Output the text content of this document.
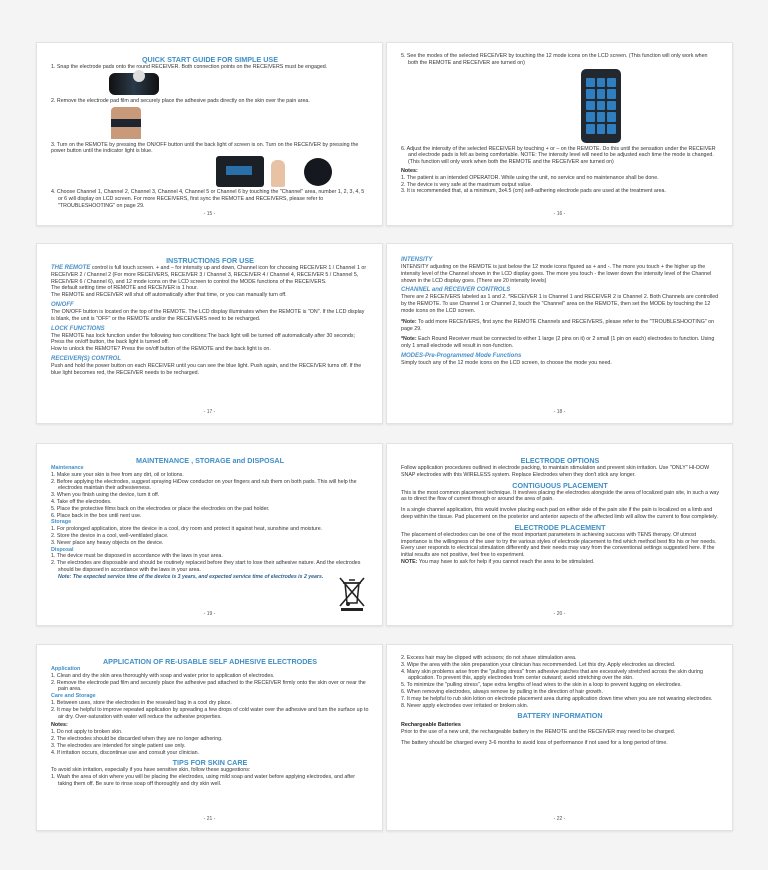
QUICK START GUIDE FOR SIMPLE USE
1. Snap the electrode pads onto the round RECEIVER. Both connection points on the RECEIVERS must be engaged.
2. Remove the electrode pad film and securely place the adhesive pads directly on the skin over the pain area.
3. Turn on the REMOTE by pressing the ON/OFF button until the back light of screen is on. Turn on the RECEIVER by pressing the power button until the indicator light is blue.
4. Choose Channel 1, Channel 2, Channel 3, Channel 4, Channel 5 or Channel 6 by touching the "Channel" area, number 1, 2, 3, 4, 5 or 6 will display on LCD screen. For more RECEIVERS, first sync the REMOTE and RECEIVERS, please refer to "TROUBLESHOOTING" on page 29.
- 15 -
5. See the modes of the selected RECEIVER by touching the 12 mode icons on the LCD screen. (This function will only work when both the REMOTE and RECEIVER are turned on)
6. Adjust the intensity of the selected RECEIVER by touching + or – on the REMOTE. Do this until the sensation under the RECEIVER and electrode pads is felt as being comfortable. NOTE: The intensity level will need to be adjusted each time the mode is changed. (This function will only work when both the REMOTE and the RECEIVER are turned on)
Notes:
1. The patient is an intended OPERATOR. While using the unit, no service and no maintenance shall be done.
2. The device is very safe at the maximum output value.
3. It is recommended that, at a minimum, 3x4.5 (cm) self-adhering electrode pads are used at the treatment area.
- 16 -
INSTRUCTIONS FOR USE
THE REMOTE control is full touch screen. + and – for intensity up and down, Channel icon for choosing RECEIVER 1 / Channel 1 or RECEIVER 2 / Channel 2 (For more RECEIVERS, RECEIVER 3 / Channel 3, RECEIVER 4 / Channel 4, RECEIVER 5 / Channel 5, RECEIVER 6 / Channel 6), and 12 mode icons on the LCD screen to control the MODE functions of the RECEIVERS.
The default setting time of REMOTE and RECEIVER is 1 hour.
The REMOTE and RECEIVER will shut off automatically after that time, or you can manually turn off.
ON/OFF
The ON/OFF button is located on the top of the REMOTE. The LCD display illuminates when the REMOTE is "ON". If the LCD display is blank, the unit is "OFF" or the REMOTE and/or the RECEIVERS need to be recharged.
LOCK FUNCTIONS
The REMOTE has lock function under the following two conditions:The back light will be turned off automatically after 30 seconds; Press the on/off button, the back light is turned off.
How to unlock the REMOTE? Press the on/off button of the REMOTE and the back light is on.
RECEIVER(S) CONTROL
Push and hold the power button on each RECEIVER until you can see the blue light. Push again, and the RECEIVER turns off. If the blue light becomes red, the RECEIVER needs to be recharged.
- 17 -
INTENSITY
INTENSITY adjusting on the REMOTE is just below the 12 mode icons figured as + and -. The more you touch + the higher up the intensity level of the Channel shown in the LCD display goes. The more you touch - the lower down the intensity level of the Channel shown in the LCD display goes. (There are 20 intensity levels)
CHANNEL and RECEIVER CONTROLS
There are 2 RECEIVERS labeled as 1 and 2. *RECEIVER 1 is Channel 1 and RECEIVER 2 is Channel 2. Both Channels are controlled by the REMOTE. To use Channel 1 or Channel 2, touch the "Channel" area on the REMOTE, then set the MODE by touching the 12 mode icons on the LCD screen.
*Note: To add more RECEIVERS, first sync the REMOTE Channels and RECEIVERS, please refer to the "TROUBLESHOOTING" on page 29.
*Note: Each Round Receiver must be connected to either 1 large (2 pins on it) or 2 small (1 pin on each) electrodes to function. Using only 1 small electrode will result in non-function.
MODES-Pre-Programmed Mode Functions
Simply touch any of the 12 mode icons on the LCD screen, to choose the mode you need.
- 18 -
MAINTENANCE , STORAGE and DISPOSAL
Maintenance
1. Make sure your skin is free from any dirt, oil or lotions.
2. Before applying the electrodes, suggest spraying HiDow conductor on your fingers and rub them on both pads. This will help the electrodes maintain their adhesiveness.
3. When you finish using the device, turn it off.
4. Take off the electrodes.
5. Place the protective films back on the electrodes or place the electrodes on the pad holder.
6. Place back in the box until next use.
Storage
1. For prolonged application, store the device in a cool, dry room and protect it against heat, sunshine and moisture.
2. Store the device in a cool, well-ventilated place.
3. Never place any heavy objects on the device.
Disposal
1. The device must be disposed in accordance with the laws in your area.
2. The electrodes are disposable and should be routinely replaced before they start to lose their adhesive nature. And the electrodes should be disposed in accordance with the laws in your area.
Note: The expected service time of the device is 3 years, and expected service time of electrodes is 2 years.
- 19 -
ELECTRODE OPTIONS
Follow application procedures outlined in electrode packing, to maintain stimulation and prevent skin irritation. Use "ONLY" HI-DOW SNAP electrodes with this WIRELESS system. Replace Electrodes when they don't stick any longer.
CONTIGUOUS PLACEMENT
This is the most common placement technique. It involves placing the electrodes alongside the area of localized pain site, in such a way as to direct the flow of current through or around the area of pain.
In a single channel application, this would involve placing each pad on either side of the pain site if the pain is localized on a limb and deep within the tissue. Pad placement on the posterior and anterior aspects of the affected limb will allow the current to flow completely.
ELECTRODE PLACEMENT
The placement of electrodes can be one of the most important parameters in achieving success with TENS therapy. Of utmost importance is the willingness of the user to try the various styles of electrode placement to find which method best fits his or her needs.
Every user responds to electrical stimulation differently and their needs may vary from the conventional settings suggested here. If the initial results are not positive, feel free to experiment.
NOTE: You may have to ask for help if you cannot reach the area to be stimulated.
- 20 -
APPLICATION OF RE-USABLE SELF ADHESIVE ELECTRODES
Application
1. Clean and dry the skin area thoroughly with soap and water prior to application of electrodes.
2. Remove the electrode pad film and securely place the adhesive pad attached to the RECEIVER firmly onto the skin over or near the pain area.
Care and Storage
1. Between uses, store the electrodes in the resealed bag in a cool dry place.
2. It may be helpful to improve repeated application by spreading a few drops of cold water over the adhesive and turn the surface up to air dry. Over-saturation with water will reduce the adhesive properties.
Notes:
1. Do not apply to broken skin.
2. The electrodes should be discarded when they are no longer adhering.
3. The electrodes are intended for single patient use only.
4. If irritation occurs, discontinue use and consult your clinician.
TIPS FOR SKIN CARE
To avoid skin irritation, especially if you have sensitive skin, follow these suggestions:
1. Wash the area of skin where you will be placing the electrodes, using mild soap and water before applying electrodes, and after taking them off. Be sure to rinse soap off thoroughly and dry skin well.
- 21 -
2. Excess hair may be clipped with scissors; do not shave stimulation area.
3. Wipe the area with the skin preparation your clinician has recommended. Let this dry. Apply electrodes as directed.
4. Many skin problems arise from the "pulling stress" from adhesive patches that are excessively stretched across the skin during application. To prevent this, apply electrodes from center outward; avoid stretching over the skin.
5. To minimize the "pulling stress", tape extra lengths of lead wires to the skin in a loop to prevent tugging on electrodes.
6. When removing electrodes, always remove by pulling in the direction of hair growth.
7. It may be helpful to rub skin lotion on electrode placement area during application down time when you are not wearing electrodes.
8. Never apply electrodes over irritated or broken skin.
BATTERY INFORMATION
Rechargeable Batteries
Prior to the use of a new unit, the rechargeable battery in the REMOTE and the RECEIVER may need to be charged.
The battery should be charged every 3-6 months to avoid loss of performance if not used for a long period of time.
- 22 -
